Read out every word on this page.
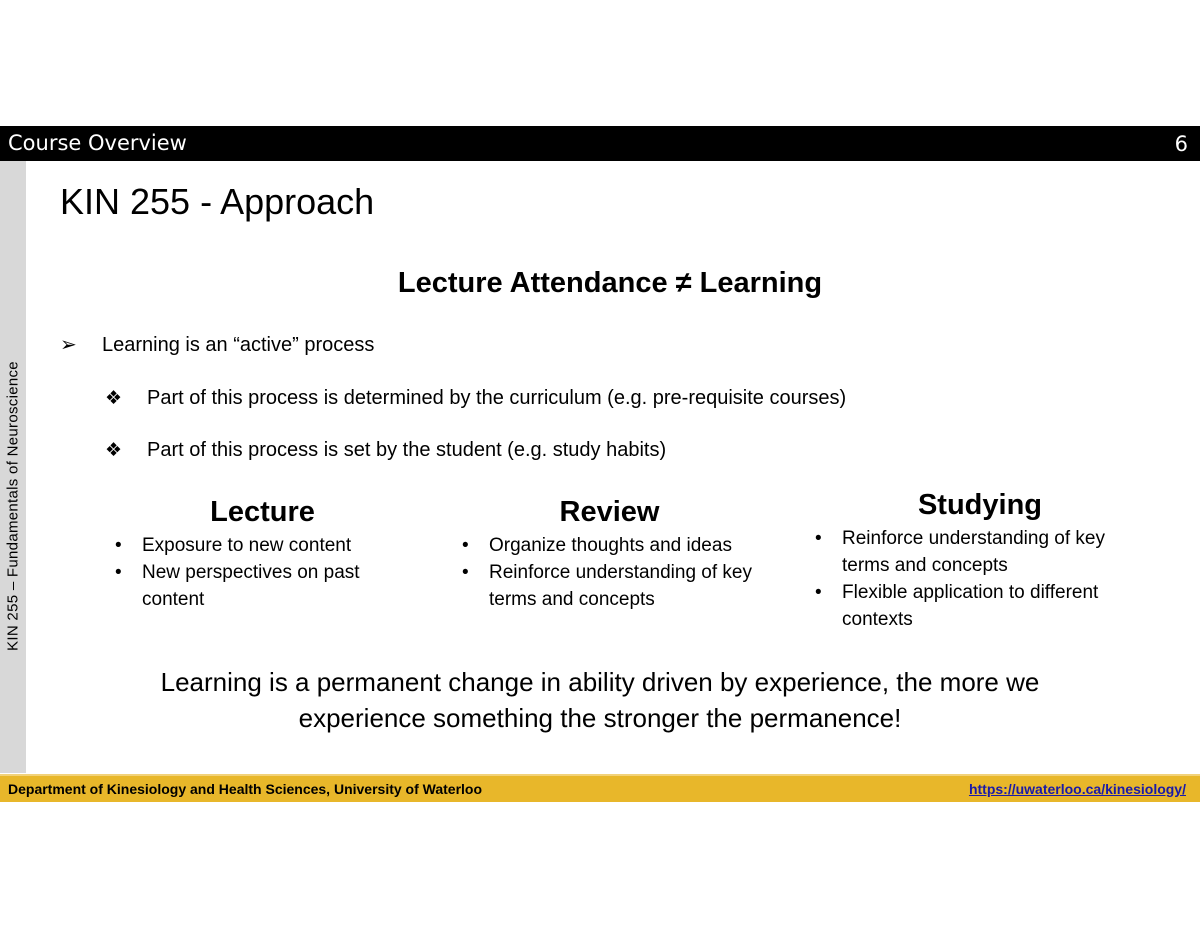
Course Overview	6
KIN 255 – Fundamentals of Neuroscience
KIN 255 - Approach
Lecture Attendance ≠ Learning
➢ Learning is an “active” process
❖ Part of this process is determined by the curriculum (e.g. pre-requisite courses)
❖ Part of this process is set by the student (e.g. study habits)
Lecture
• Exposure to new content
• New perspectives on past content
Review
• Organize thoughts and ideas
• Reinforce understanding of key terms and concepts
Studying
• Reinforce understanding of key terms and concepts
• Flexible application to different contexts
Learning is a permanent change in ability driven by experience, the more we experience something the stronger the permanence!
Department of Kinesiology and Health Sciences, University of Waterloo	https://uwaterloo.ca/kinesiology/
